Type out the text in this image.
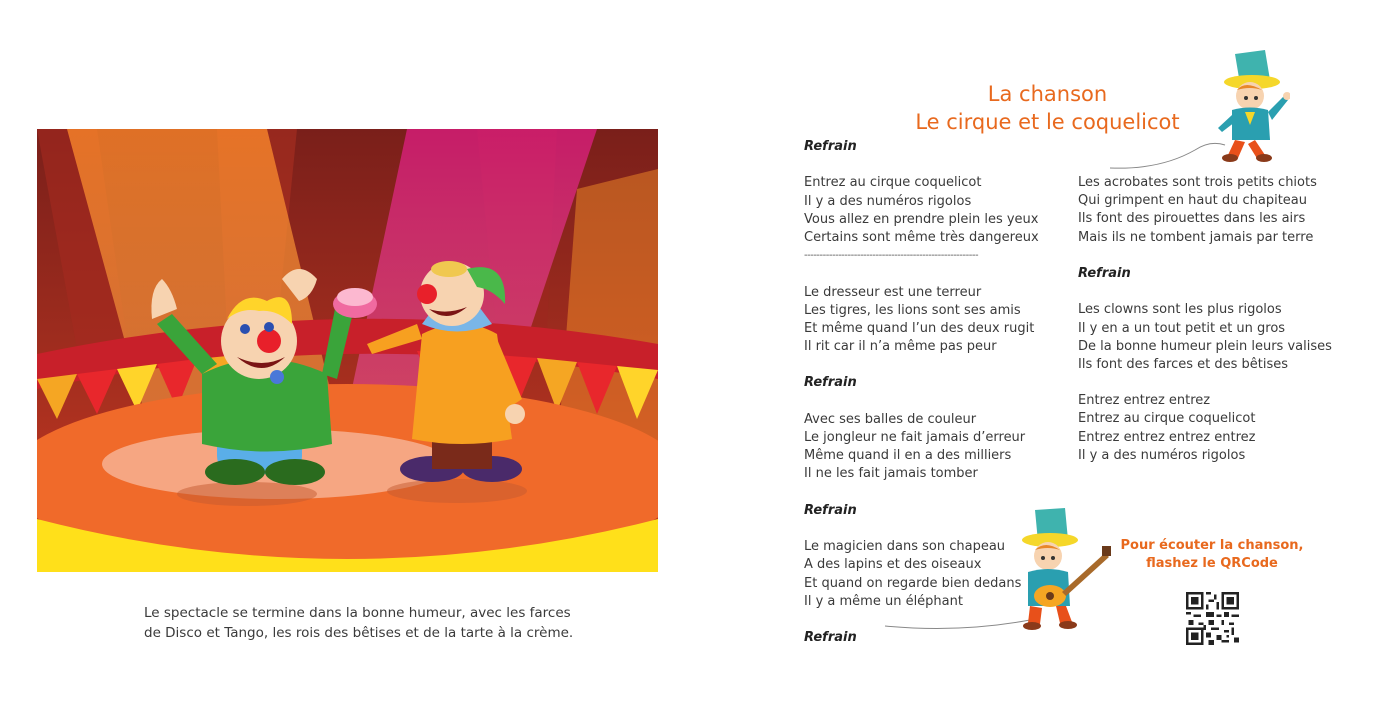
Le spectacle se termine dans la bonne humeur, avec les farces
de Disco et Tango, les rois des bêtises et de la tarte à la crème.
La chanson
Le cirque et le coquelicot
Refrain
Entrez au cirque coquelicot
Il y a des numéros rigolos
Vous allez en prendre plein les yeux
Certains sont même très dangereux
--------------------------------------------------------
Le dresseur est une terreur
Les tigres, les lions sont ses amis
Et même quand l’un des deux rugit
Il rit car il n’a même pas peur
Refrain
Avec ses balles de couleur
Le jongleur ne fait jamais d’erreur
Même quand il en a des milliers
Il ne les fait jamais tomber
Refrain
Le magicien dans son chapeau
A des lapins et des oiseaux
Et quand on regarde bien dedans
Il y a même un éléphant
Refrain
Les acrobates sont trois petits chiots
Qui grimpent en haut du chapiteau
Ils font des pirouettes dans les airs
Mais ils ne tombent jamais par terre
Refrain
Les clowns sont les plus rigolos
Il y en a un tout petit et un gros
De la bonne humeur plein leurs valises
Ils font des farces et des bêtises
Entrez entrez entrez
Entrez au cirque coquelicot
Entrez entrez entrez entrez
Il y a des numéros rigolos
Pour écouter la chanson,
flashez le QRCode
